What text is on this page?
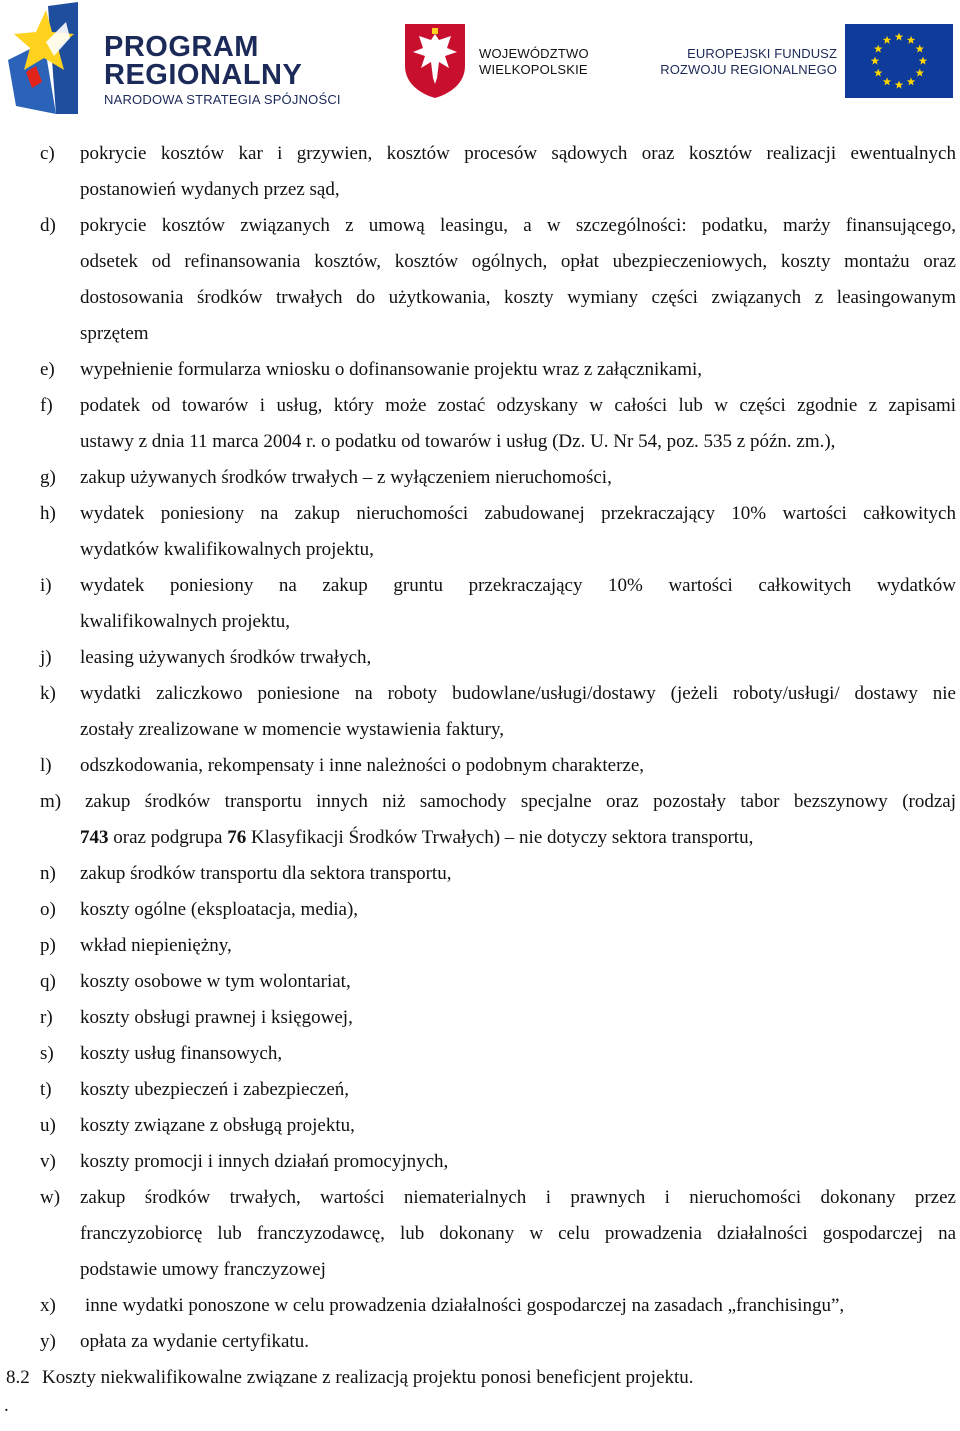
PROGRAM
REGIONALNY
NARODOWA STRATEGIA SPÓJNOŚCI
WOJEWÓDZTWO
WIELKOPOLSKIE
EUROPEJSKI FUNDUSZ
ROZWOJU REGIONALNEGO
c) pokrycie kosztów kar i grzywien, kosztów procesów sądowych oraz kosztów realizacji ewentualnych
postanowień wydanych przez sąd,
d) pokrycie kosztów związanych z umową leasingu, a w szczególności: podatku, marży finansującego,
odsetek od refinansowania kosztów, kosztów ogólnych, opłat ubezpieczeniowych, koszty montażu oraz
dostosowania środków trwałych do użytkowania, koszty wymiany części związanych z leasingowanym
sprzętem
e) wypełnienie formularza wniosku o dofinansowanie projektu wraz z załącznikami,
f) podatek od towarów i usług, który może zostać odzyskany w całości lub w części zgodnie z zapisami
ustawy z dnia 11 marca 2004 r. o podatku od towarów i usług (Dz. U. Nr 54, poz. 535 z późn. zm.),
g) zakup używanych środków trwałych – z wyłączeniem nieruchomości,
h) wydatek poniesiony na zakup nieruchomości zabudowanej przekraczający 10% wartości całkowitych
wydatków kwalifikowalnych projektu,
i) wydatek poniesiony na zakup gruntu przekraczający 10% wartości całkowitych wydatków
kwalifikowalnych projektu,
j) leasing używanych środków trwałych,
k) wydatki zaliczkowo poniesione na roboty budowlane/usługi/dostawy (jeżeli roboty/usługi/ dostawy nie
zostały zrealizowane w momencie wystawienia faktury,
l) odszkodowania, rekompensaty i inne należności o podobnym charakterze,
m) zakup środków transportu innych niż samochody specjalne oraz pozostały tabor bezszynowy (rodzaj
743 oraz podgrupa 76 Klasyfikacji Środków Trwałych) – nie dotyczy sektora transportu,
n) zakup środków transportu dla sektora transportu,
o) koszty ogólne (eksploatacja, media),
p) wkład niepieniężny,
q) koszty osobowe w tym wolontariat,
r) koszty obsługi prawnej i księgowej,
s) koszty usług finansowych,
t) koszty ubezpieczeń i zabezpieczeń,
u) koszty związane z obsługą projektu,
v) koszty promocji i innych działań promocyjnych,
w) zakup środków trwałych, wartości niematerialnych i prawnych i nieruchomości dokonany przez
franczyzobiorcę lub franczyzodawcę, lub dokonany w celu prowadzenia działalności gospodarczej na
podstawie umowy franczyzowej
x) inne wydatki ponoszone w celu prowadzenia działalności gospodarczej na zasadach „franchisingu”,
y) opłata za wydanie certyfikatu.
8.2 Koszty niekwalifikowalne związane z realizacją projektu ponosi beneficjent projektu.
.
